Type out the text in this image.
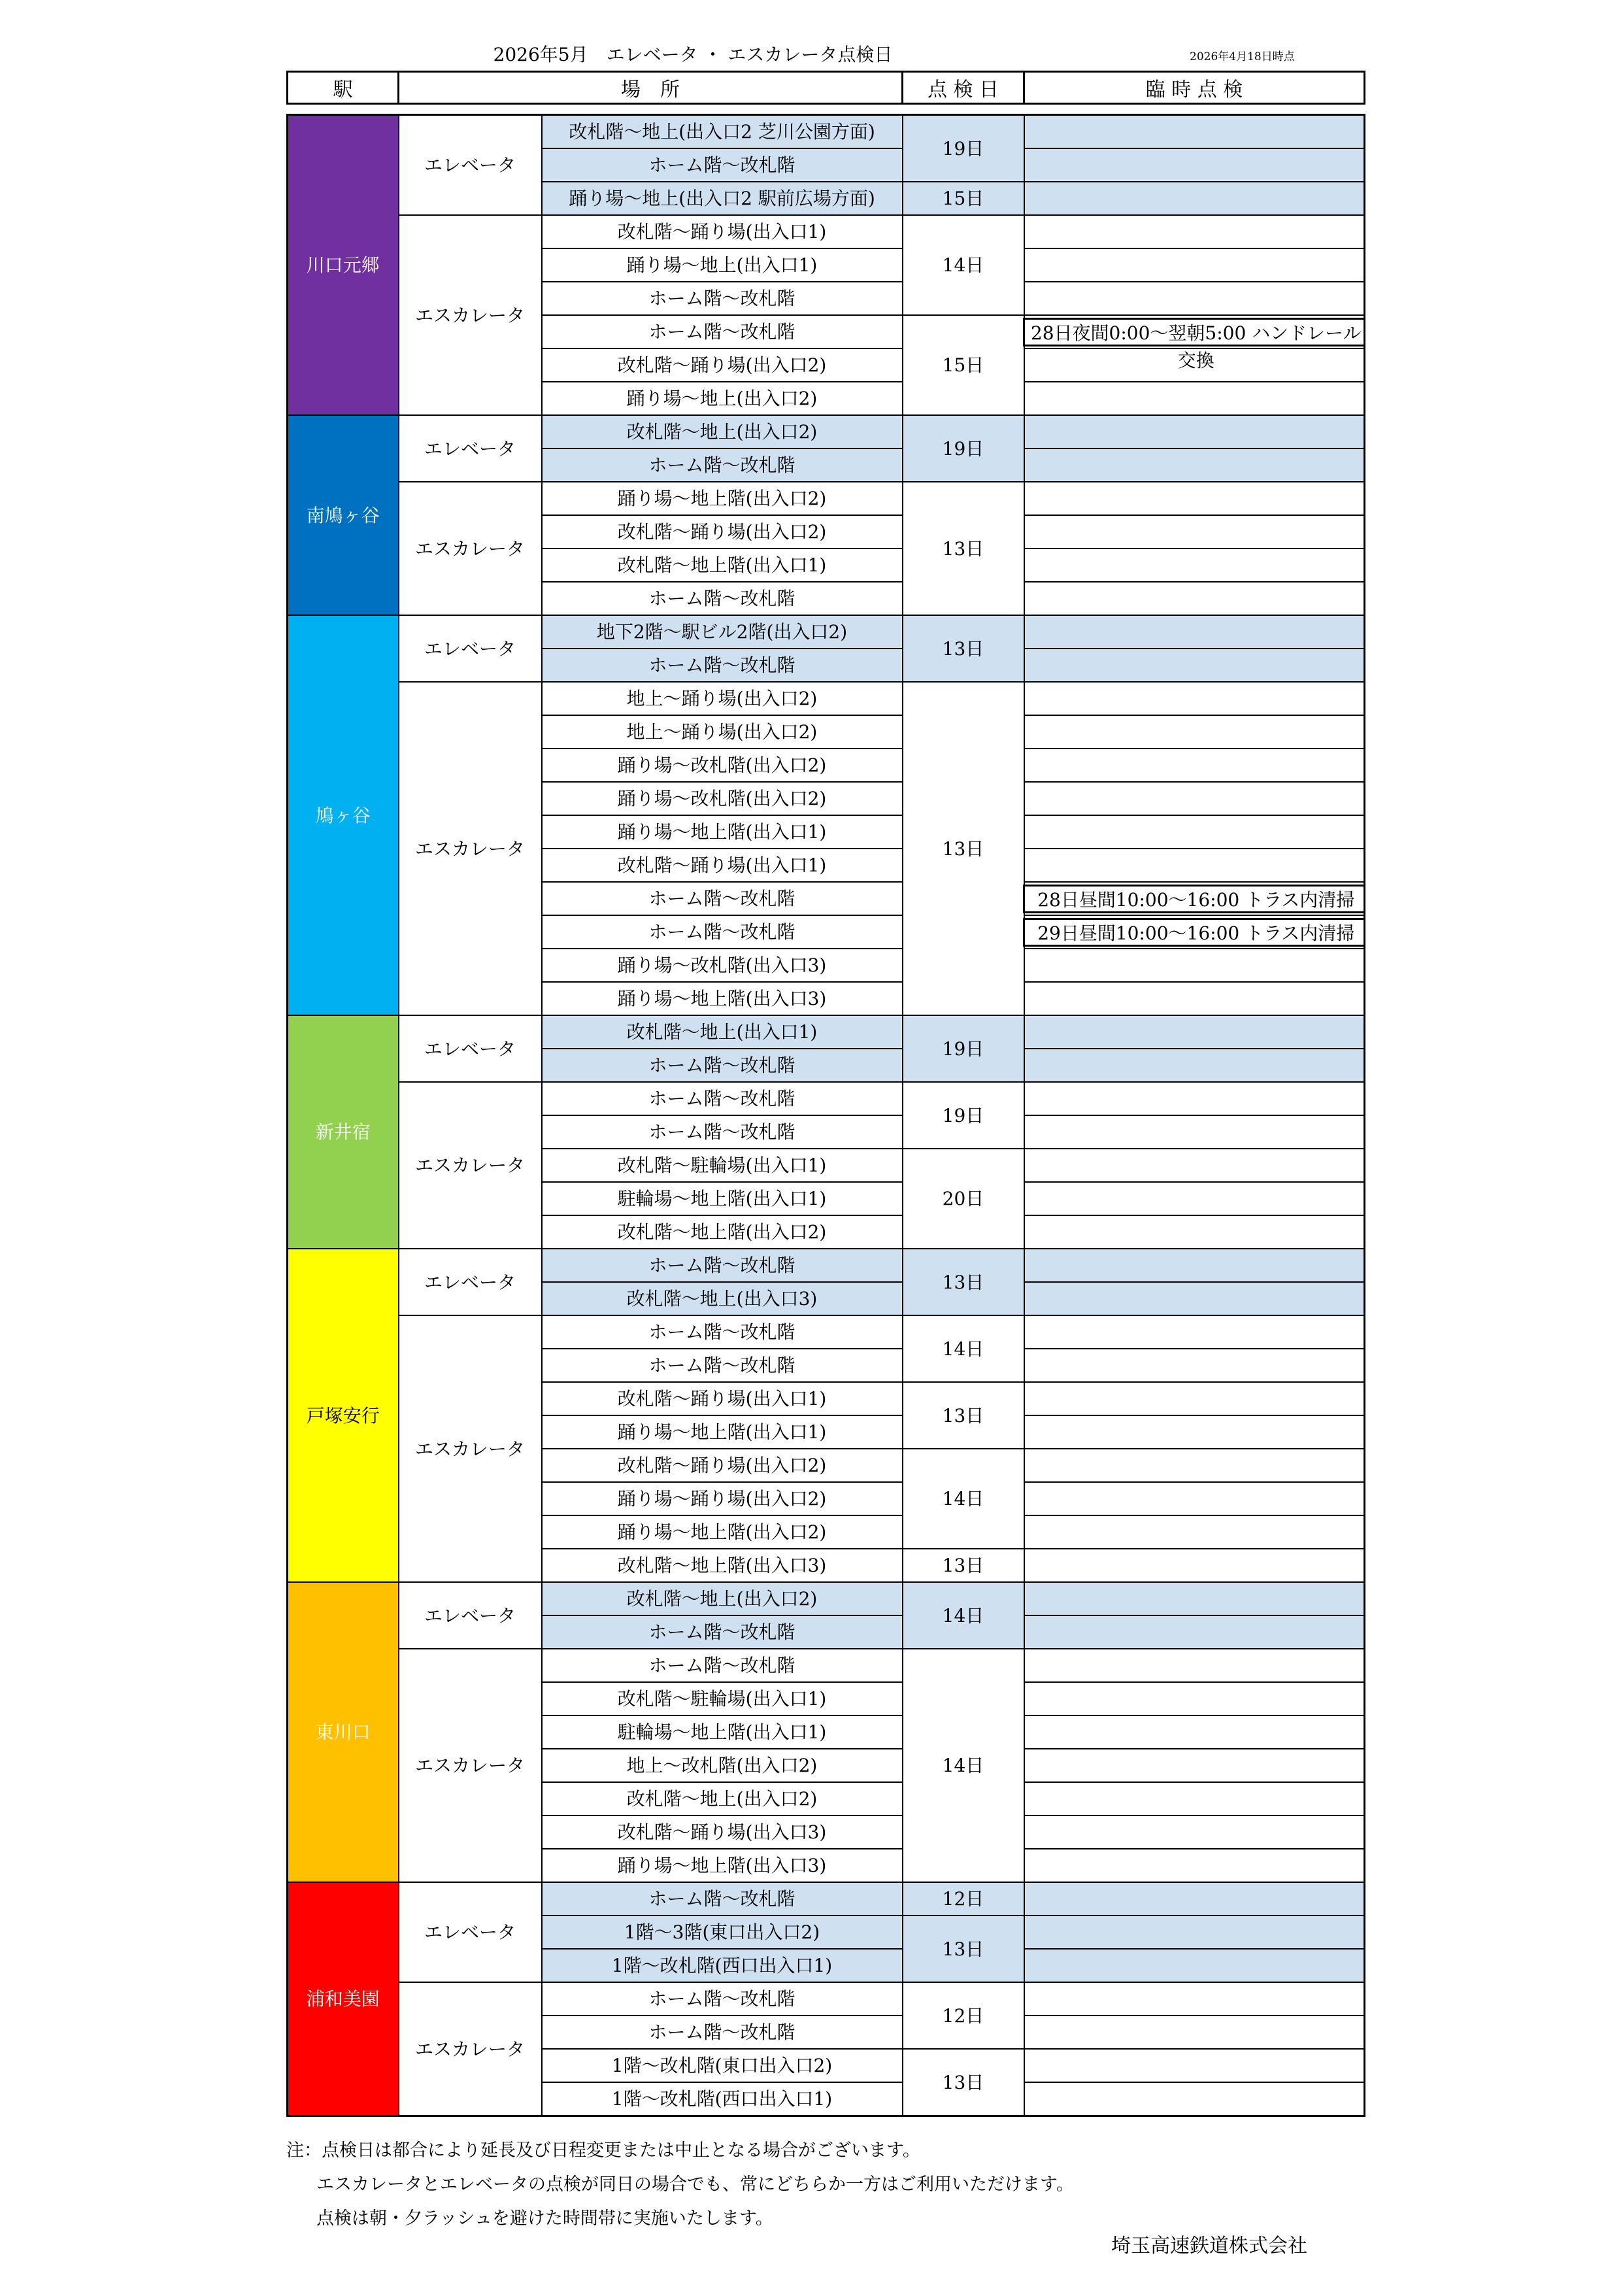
2026年5月　エレベータ ・ エスカレータ点検日	2026年4月18日時点
駅	場　所	点 検 日	臨 時 点 検
川口元郷	エレベータ	改札階～地上(出入口2 芝川公園方面)	19日	
		ホーム階～改札階		
		踊り場～地上(出入口2 駅前広場方面)	15日	
	エスカレータ	改札階～踊り場(出入口1)	14日	
		踊り場～地上(出入口1)		
		ホーム階～改札階		
		ホーム階～改札階	15日	28日夜間0:00～翌朝5:00 ハンドレール交換

		改札階～踊り場(出入口2)		
		踊り場～地上(出入口2)		
南鳩ヶ谷	エレベータ	改札階～地上(出入口2)	19日	
		ホーム階～改札階		
	エスカレータ	踊り場～地上階(出入口2)	13日	
		改札階～踊り場(出入口2)		
		改札階～地上階(出入口1)		
		ホーム階～改札階		
鳩ヶ谷	エレベータ	地下2階～駅ビル2階(出入口2)	13日	
		ホーム階～改札階		
	エスカレータ	地上～踊り場(出入口2)	13日	
		地上～踊り場(出入口2)		
		踊り場～改札階(出入口2)		
		踊り場～改札階(出入口2)		
		踊り場～地上階(出入口1)		
		改札階～踊り場(出入口1)		
		ホーム階～改札階		28日昼間10:00～16:00 トラス内清掃

		ホーム階～改札階		29日昼間10:00～16:00 トラス内清掃

		踊り場～改札階(出入口3)		
		踊り場～地上階(出入口3)		
新井宿	エレベータ	改札階～地上(出入口1)	19日	
		ホーム階～改札階		
	エスカレータ	ホーム階～改札階	19日	
		ホーム階～改札階		
		改札階～駐輪場(出入口1)	20日	
		駐輪場～地上階(出入口1)		
		改札階～地上階(出入口2)		
戸塚安行	エレベータ	ホーム階～改札階	13日	
		改札階～地上(出入口3)		
	エスカレータ	ホーム階～改札階	14日	
		ホーム階～改札階		
		改札階～踊り場(出入口1)	13日	
		踊り場～地上階(出入口1)		
		改札階～踊り場(出入口2)	14日	
		踊り場～踊り場(出入口2)		
		踊り場～地上階(出入口2)		
		改札階～地上階(出入口3)	13日	
東川口	エレベータ	改札階～地上(出入口2)	14日	
		ホーム階～改札階		
	エスカレータ	ホーム階～改札階	14日	
		改札階～駐輪場(出入口1)		
		駐輪場～地上階(出入口1)		
		地上～改札階(出入口2)		
		改札階～地上(出入口2)		
		改札階～踊り場(出入口3)		
		踊り場～地上階(出入口3)		
浦和美園	エレベータ	ホーム階～改札階	12日	
		1階～3階(東口出入口2)	13日	
		1階～改札階(西口出入口1)		
	エスカレータ	ホーム階～改札階	12日	
		ホーム階～改札階		
		1階～改札階(東口出入口2)	13日	
		1階～改札階(西口出入口1)		
注：点検日は都合により延長及び日程変更または中止となる場合がございます。
エスカレータとエレベータの点検が同日の場合でも、常にどちらか一方はご利用いただけます。
点検は朝・夕ラッシュを避けた時間帯に実施いたします。
埼玉高速鉄道株式会社
